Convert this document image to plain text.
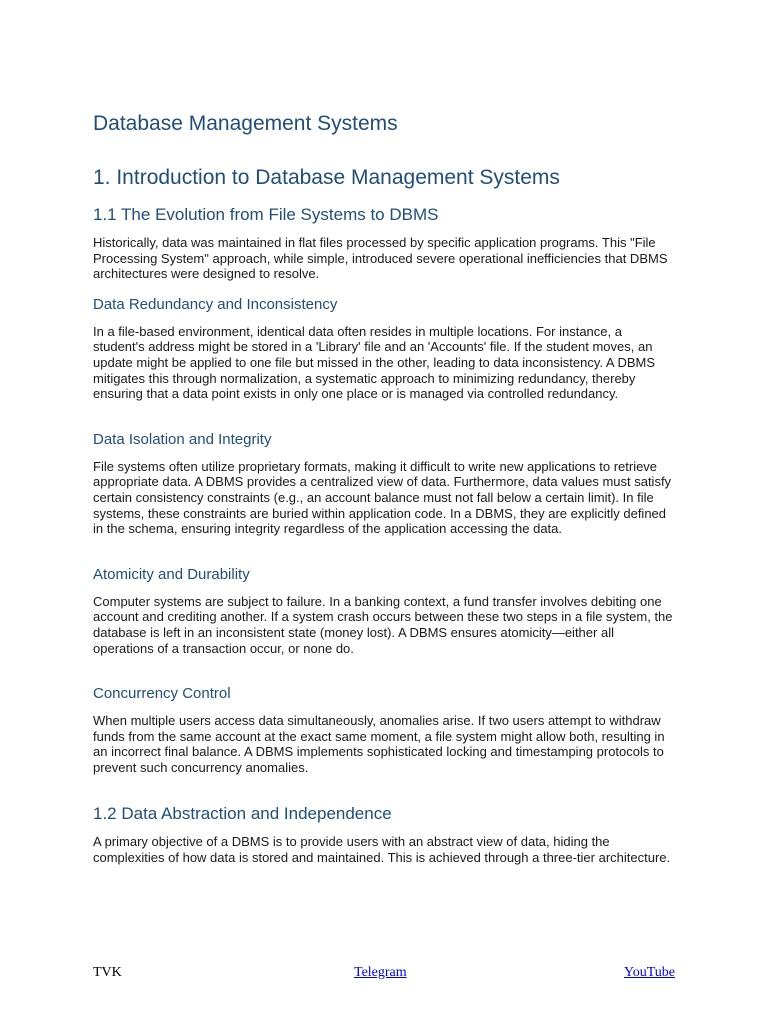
Database Management Systems
1. Introduction to Database Management Systems
1.1 The Evolution from File Systems to DBMS
Historically, data was maintained in flat files processed by specific application programs. This "File Processing System" approach, while simple, introduced severe operational inefficiencies that DBMS architectures were designed to resolve.
Data Redundancy and Inconsistency
In a file-based environment, identical data often resides in multiple locations. For instance, a student's address might be stored in a 'Library' file and an 'Accounts' file. If the student moves, an update might be applied to one file but missed in the other, leading to data inconsistency. A DBMS mitigates this through normalization, a systematic approach to minimizing redundancy, thereby ensuring that a data point exists in only one place or is managed via controlled redundancy.
Data Isolation and Integrity
File systems often utilize proprietary formats, making it difficult to write new applications to retrieve appropriate data. A DBMS provides a centralized view of data. Furthermore, data values must satisfy certain consistency constraints (e.g., an account balance must not fall below a certain limit). In file systems, these constraints are buried within application code. In a DBMS, they are explicitly defined in the schema, ensuring integrity regardless of the application accessing the data.
Atomicity and Durability
Computer systems are subject to failure. In a banking context, a fund transfer involves debiting one account and crediting another. If a system crash occurs between these two steps in a file system, the database is left in an inconsistent state (money lost). A DBMS ensures atomicity—either all operations of a transaction occur, or none do.
Concurrency Control
When multiple users access data simultaneously, anomalies arise. If two users attempt to withdraw funds from the same account at the exact same moment, a file system might allow both, resulting in an incorrect final balance. A DBMS implements sophisticated locking and timestamping protocols to prevent such concurrency anomalies.
1.2 Data Abstraction and Independence
A primary objective of a DBMS is to provide users with an abstract view of data, hiding the complexities of how data is stored and maintained. This is achieved through a three-tier architecture.
TVK	Telegram	YouTube
